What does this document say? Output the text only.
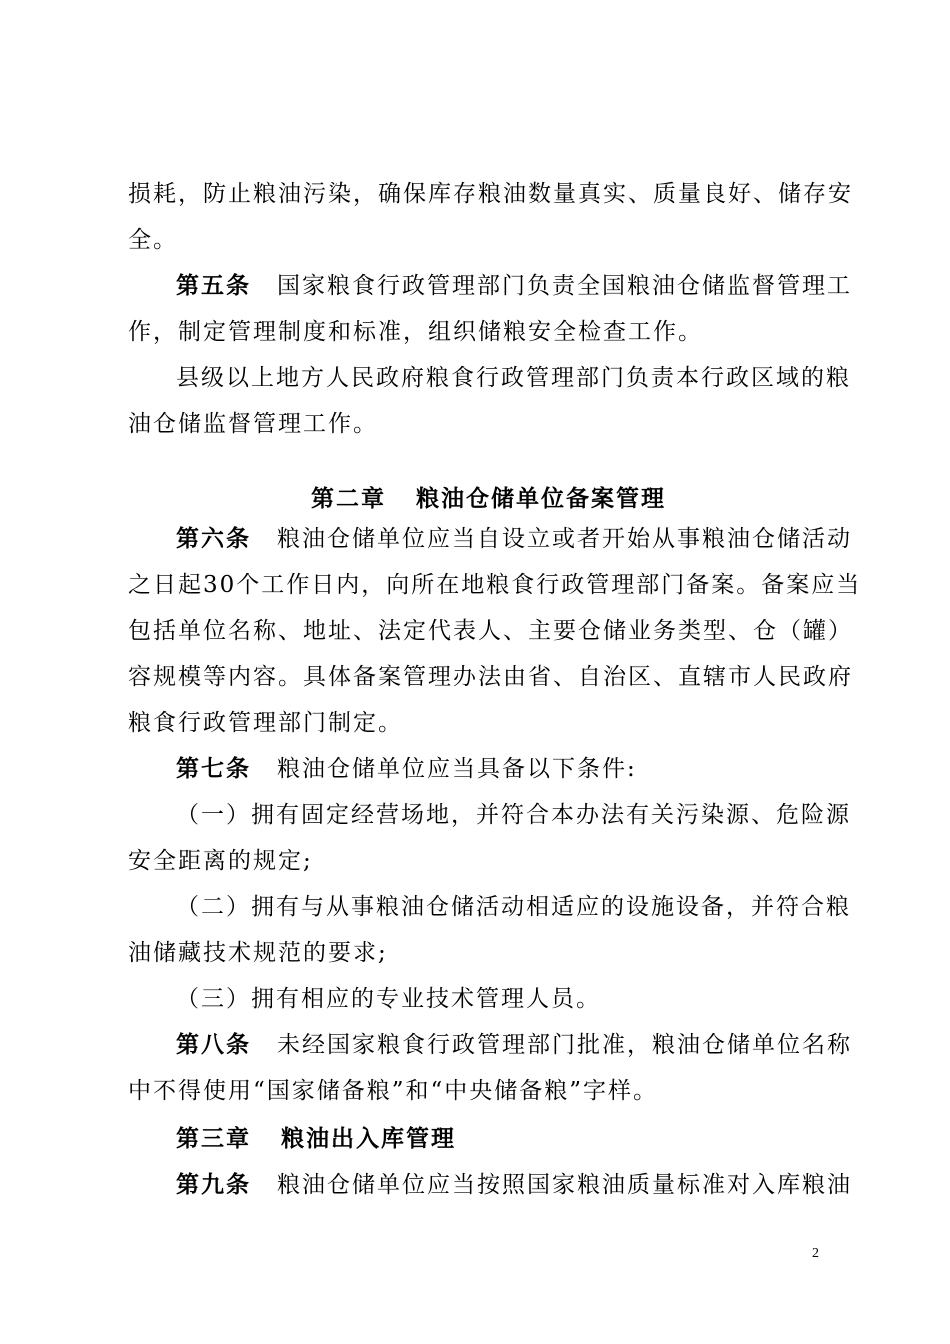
损耗，防止粮油污染，确保库存粮油数量真实、质量良好、储存安
全。
第五条 国家粮食行政管理部门负责全国粮油仓储监督管理工
作，制定管理制度和标准，组织储粮安全检查工作。
县级以上地方人民政府粮食行政管理部门负责本行政区域的粮
油仓储监督管理工作。
第二章 粮油仓储单位备案管理
第六条 粮油仓储单位应当自设立或者开始从事粮油仓储活动
之日起30个工作日内，向所在地粮食行政管理部门备案。备案应当
包括单位名称、地址、法定代表人、主要仓储业务类型、仓（罐）
容规模等内容。具体备案管理办法由省、自治区、直辖市人民政府
粮食行政管理部门制定。
第七条 粮油仓储单位应当具备以下条件:
（一）拥有固定经营场地，并符合本办法有关污染源、危险源
安全距离的规定;
（二）拥有与从事粮油仓储活动相适应的设施设备，并符合粮
油储藏技术规范的要求;
（三）拥有相应的专业技术管理人员。
第八条 未经国家粮食行政管理部门批准，粮油仓储单位名称
中不得使用“国家储备粮”和“中央储备粮”字样。
第三章 粮油出入库管理
第九条 粮油仓储单位应当按照国家粮油质量标准对入库粮油
2
